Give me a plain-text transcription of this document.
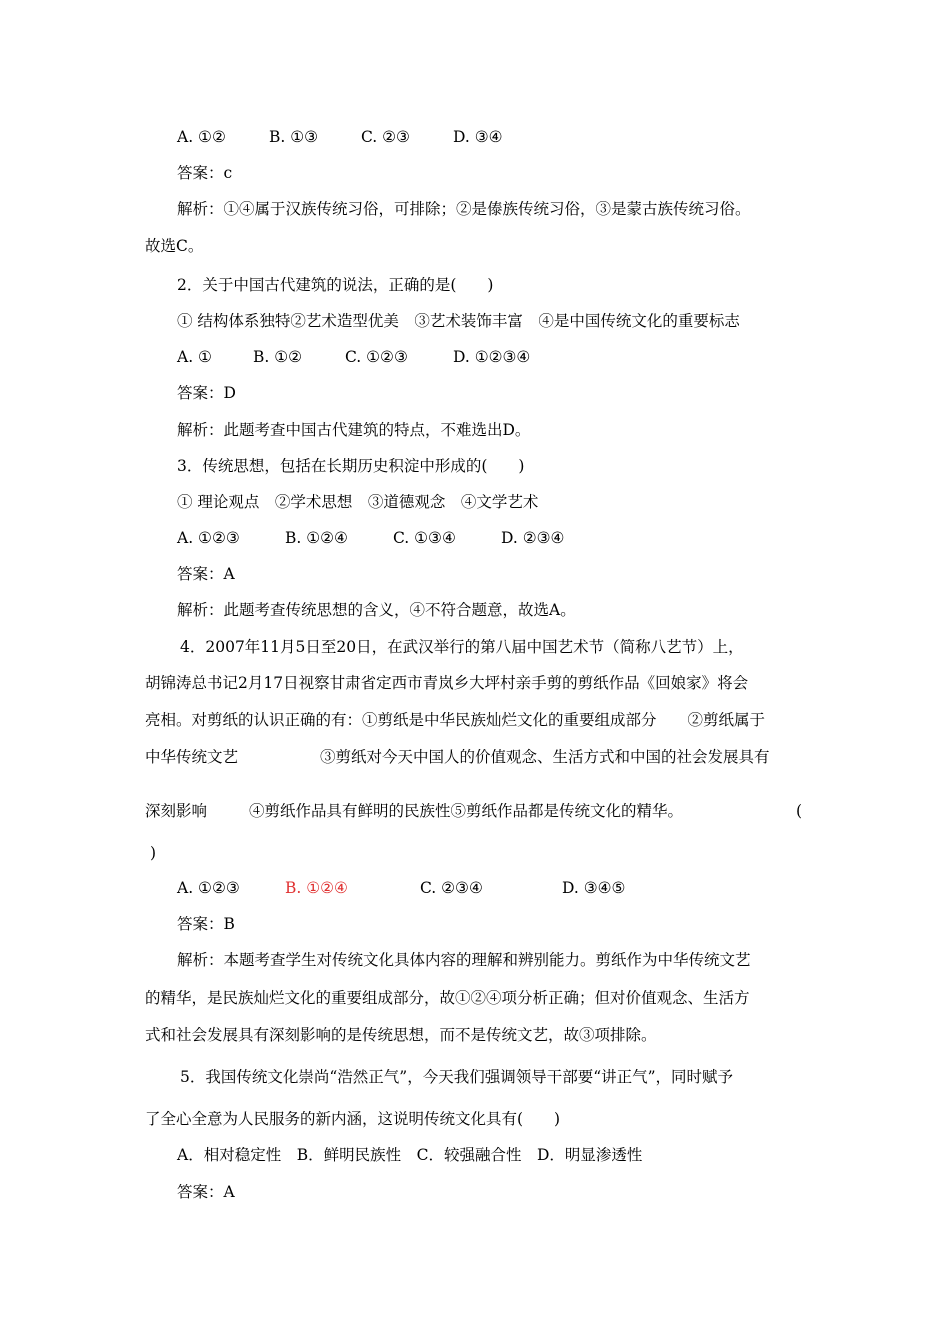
A. ①②	B. ①③	C. ②③	D. ③④
答案：c
解析：①④属于汉族传统习俗，可排除；②是傣族传统习俗，③是蒙古族传统习俗。
故选C。
2．关于中国古代建筑的说法，正确的是(　　)
① 结构体系独特②艺术造型优美　③艺术装饰丰富　④是中国传统文化的重要标志
A. ①	B. ①②	C. ①②③	D. ①②③④
答案：D
解析：此题考查中国古代建筑的特点，不难选出D。
3．传统思想，包括在长期历史积淀中形成的(　　)
① 理论观点　②学术思想　③道德观念　④文学艺术
A. ①②③	B. ①②④	C. ①③④	D. ②③④
答案：A
解析：此题考查传统思想的含义，④不符合题意，故选A。
4．2007年11月5日至20日，在武汉举行的第八届中国艺术节（简称八艺节）上，
胡锦涛总书记2月17日视察甘肃省定西市青岚乡大坪村亲手剪的剪纸作品《回娘家》将会
亮相。对剪纸的认识正确的有：①剪纸是中华民族灿烂文化的重要组成部分　　②剪纸属于
中华传统文艺	③剪纸对今天中国人的价值观念、生活方式和中国的社会发展具有
深刻影响	④剪纸作品具有鲜明的民族性⑤剪纸作品都是传统文化的精华。	(
)
A. ①②③	B. ①②④	C. ②③④	D. ③④⑤
答案：B
解析：本题考查学生对传统文化具体内容的理解和辨别能力。剪纸作为中华传统文艺
的精华，是民族灿烂文化的重要组成部分，故①②④项分析正确；但对价值观念、生活方
式和社会发展具有深刻影响的是传统思想，而不是传统文艺，故③项排除。
5．我国传统文化崇尚“浩然正气”，今天我们强调领导干部要“讲正气”，同时赋予
了全心全意为人民服务的新内涵，这说明传统文化具有(　　)
A．相对稳定性　B．鲜明民族性　C．较强融合性　D．明显渗透性
答案：A
